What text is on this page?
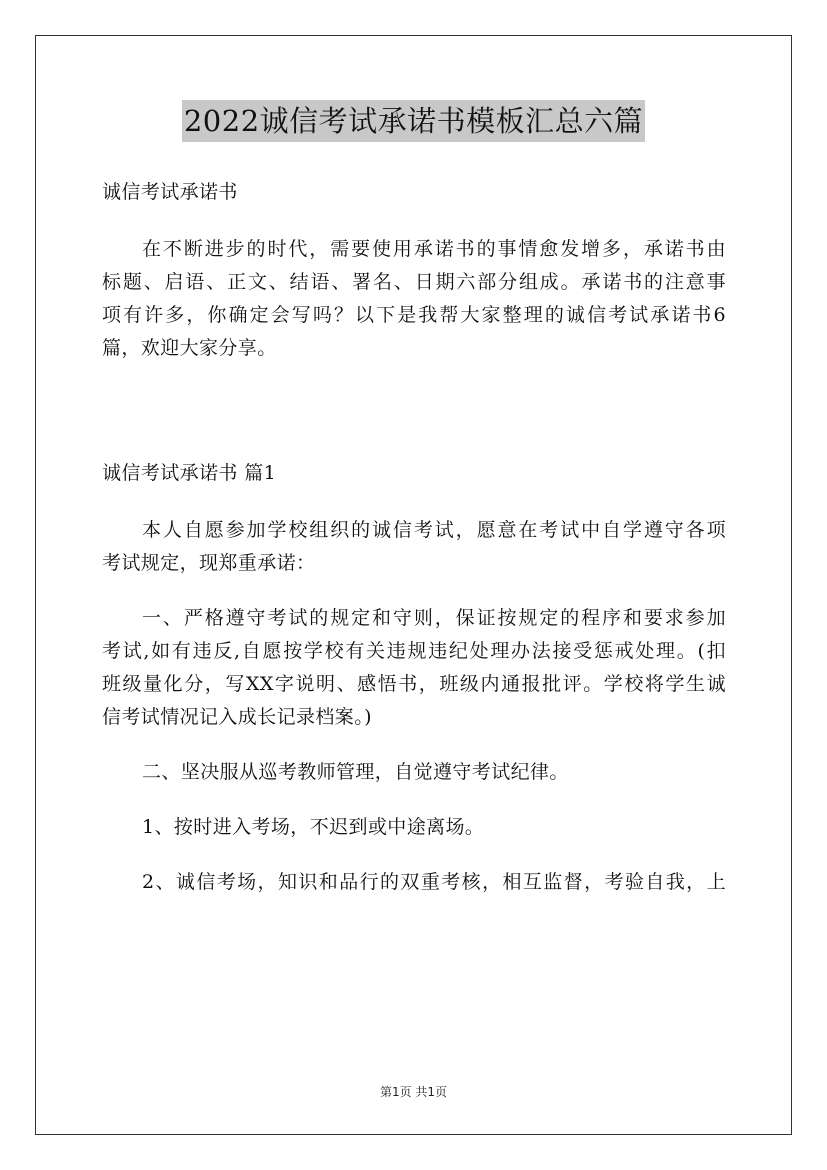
2022诚信考试承诺书模板汇总六篇
诚信考试承诺书
在不断进步的时代，需要使用承诺书的事情愈发增多，承诺书由
标题、启语、正文、结语、署名、日期六部分组成。承诺书的注意事
项有许多，你确定会写吗？以下是我帮大家整理的诚信考试承诺书6
篇，欢迎大家分享。
诚信考试承诺书 篇1
本人自愿参加学校组织的诚信考试，愿意在考试中自学遵守各项
考试规定，现郑重承诺：
一、严格遵守考试的规定和守则，保证按规定的程序和要求参加
考试,如有违反,自愿按学校有关违规违纪处理办法接受惩戒处理。(扣
班级量化分，写XX字说明、感悟书，班级内通报批评。学校将学生诚
信考试情况记入成长记录档案。)
二、坚决服从巡考教师管理，自觉遵守考试纪律。
1、按时进入考场，不迟到或中途离场。
2、诚信考场，知识和品行的双重考核，相互监督，考验自我，上
第1页 共1页
